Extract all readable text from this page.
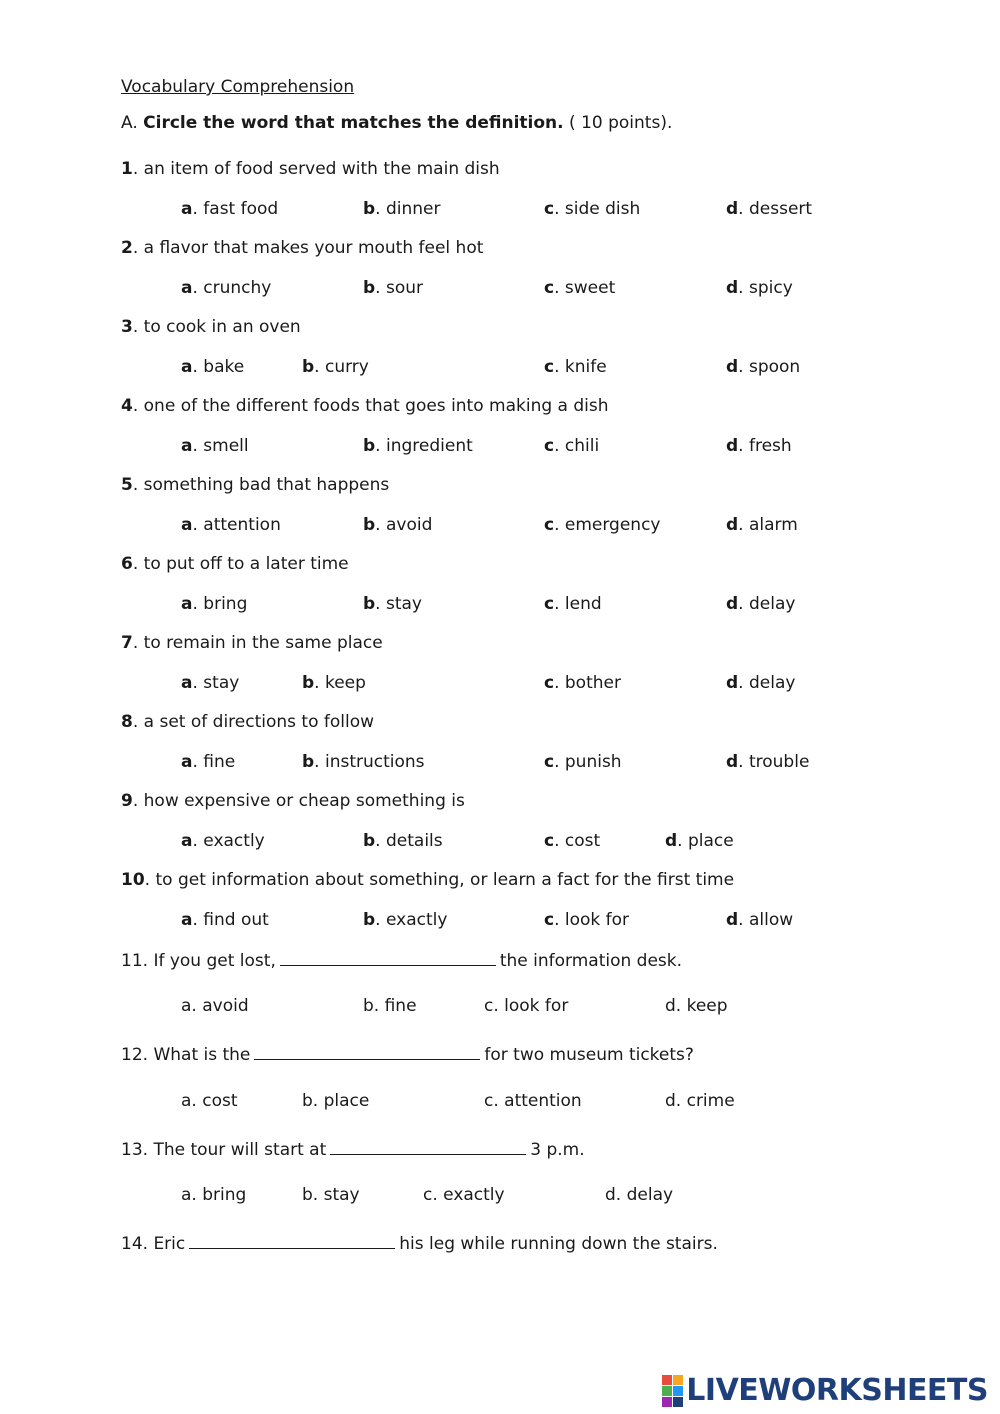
Vocabulary Comprehension
A. Circle the word that matches the definition. ( 10 points).
1. an item of food served with the main dish
a. fast food	b. dinner	c. side dish	d. dessert
2. a flavor that makes your mouth feel hot
a. crunchy	b. sour	c. sweet	d. spicy
3. to cook in an oven
a. bake	b. curry	c. knife	d. spoon
4. one of the different foods that goes into making a dish
a. smell	b. ingredient	c. chili	d. fresh
5. something bad that happens
a. attention	b. avoid	c. emergency	d. alarm
6. to put off to a later time
a. bring	b. stay	c. lend	d. delay
7. to remain in the same place
a. stay	b. keep	c. bother	d. delay
8. a set of directions to follow
a. fine	b. instructions	c. punish	d. trouble
9. how expensive or cheap something is
a. exactly	b. details	c. cost	d. place
10. to get information about something, or learn a fact for the first time
a. find out	b. exactly	c. look for	d. allow
11. If you get lost,	the information desk.
a. avoid	b. fine	c. look for	d. keep
12. What is the	for two museum tickets?
a. cost	b. place	c. attention	d. crime
13. The tour will start at	3 p.m.
a. bring	b. stay	c. exactly	d. delay
14. Eric	his leg while running down the stairs.
LIVEWORKSHEETS
